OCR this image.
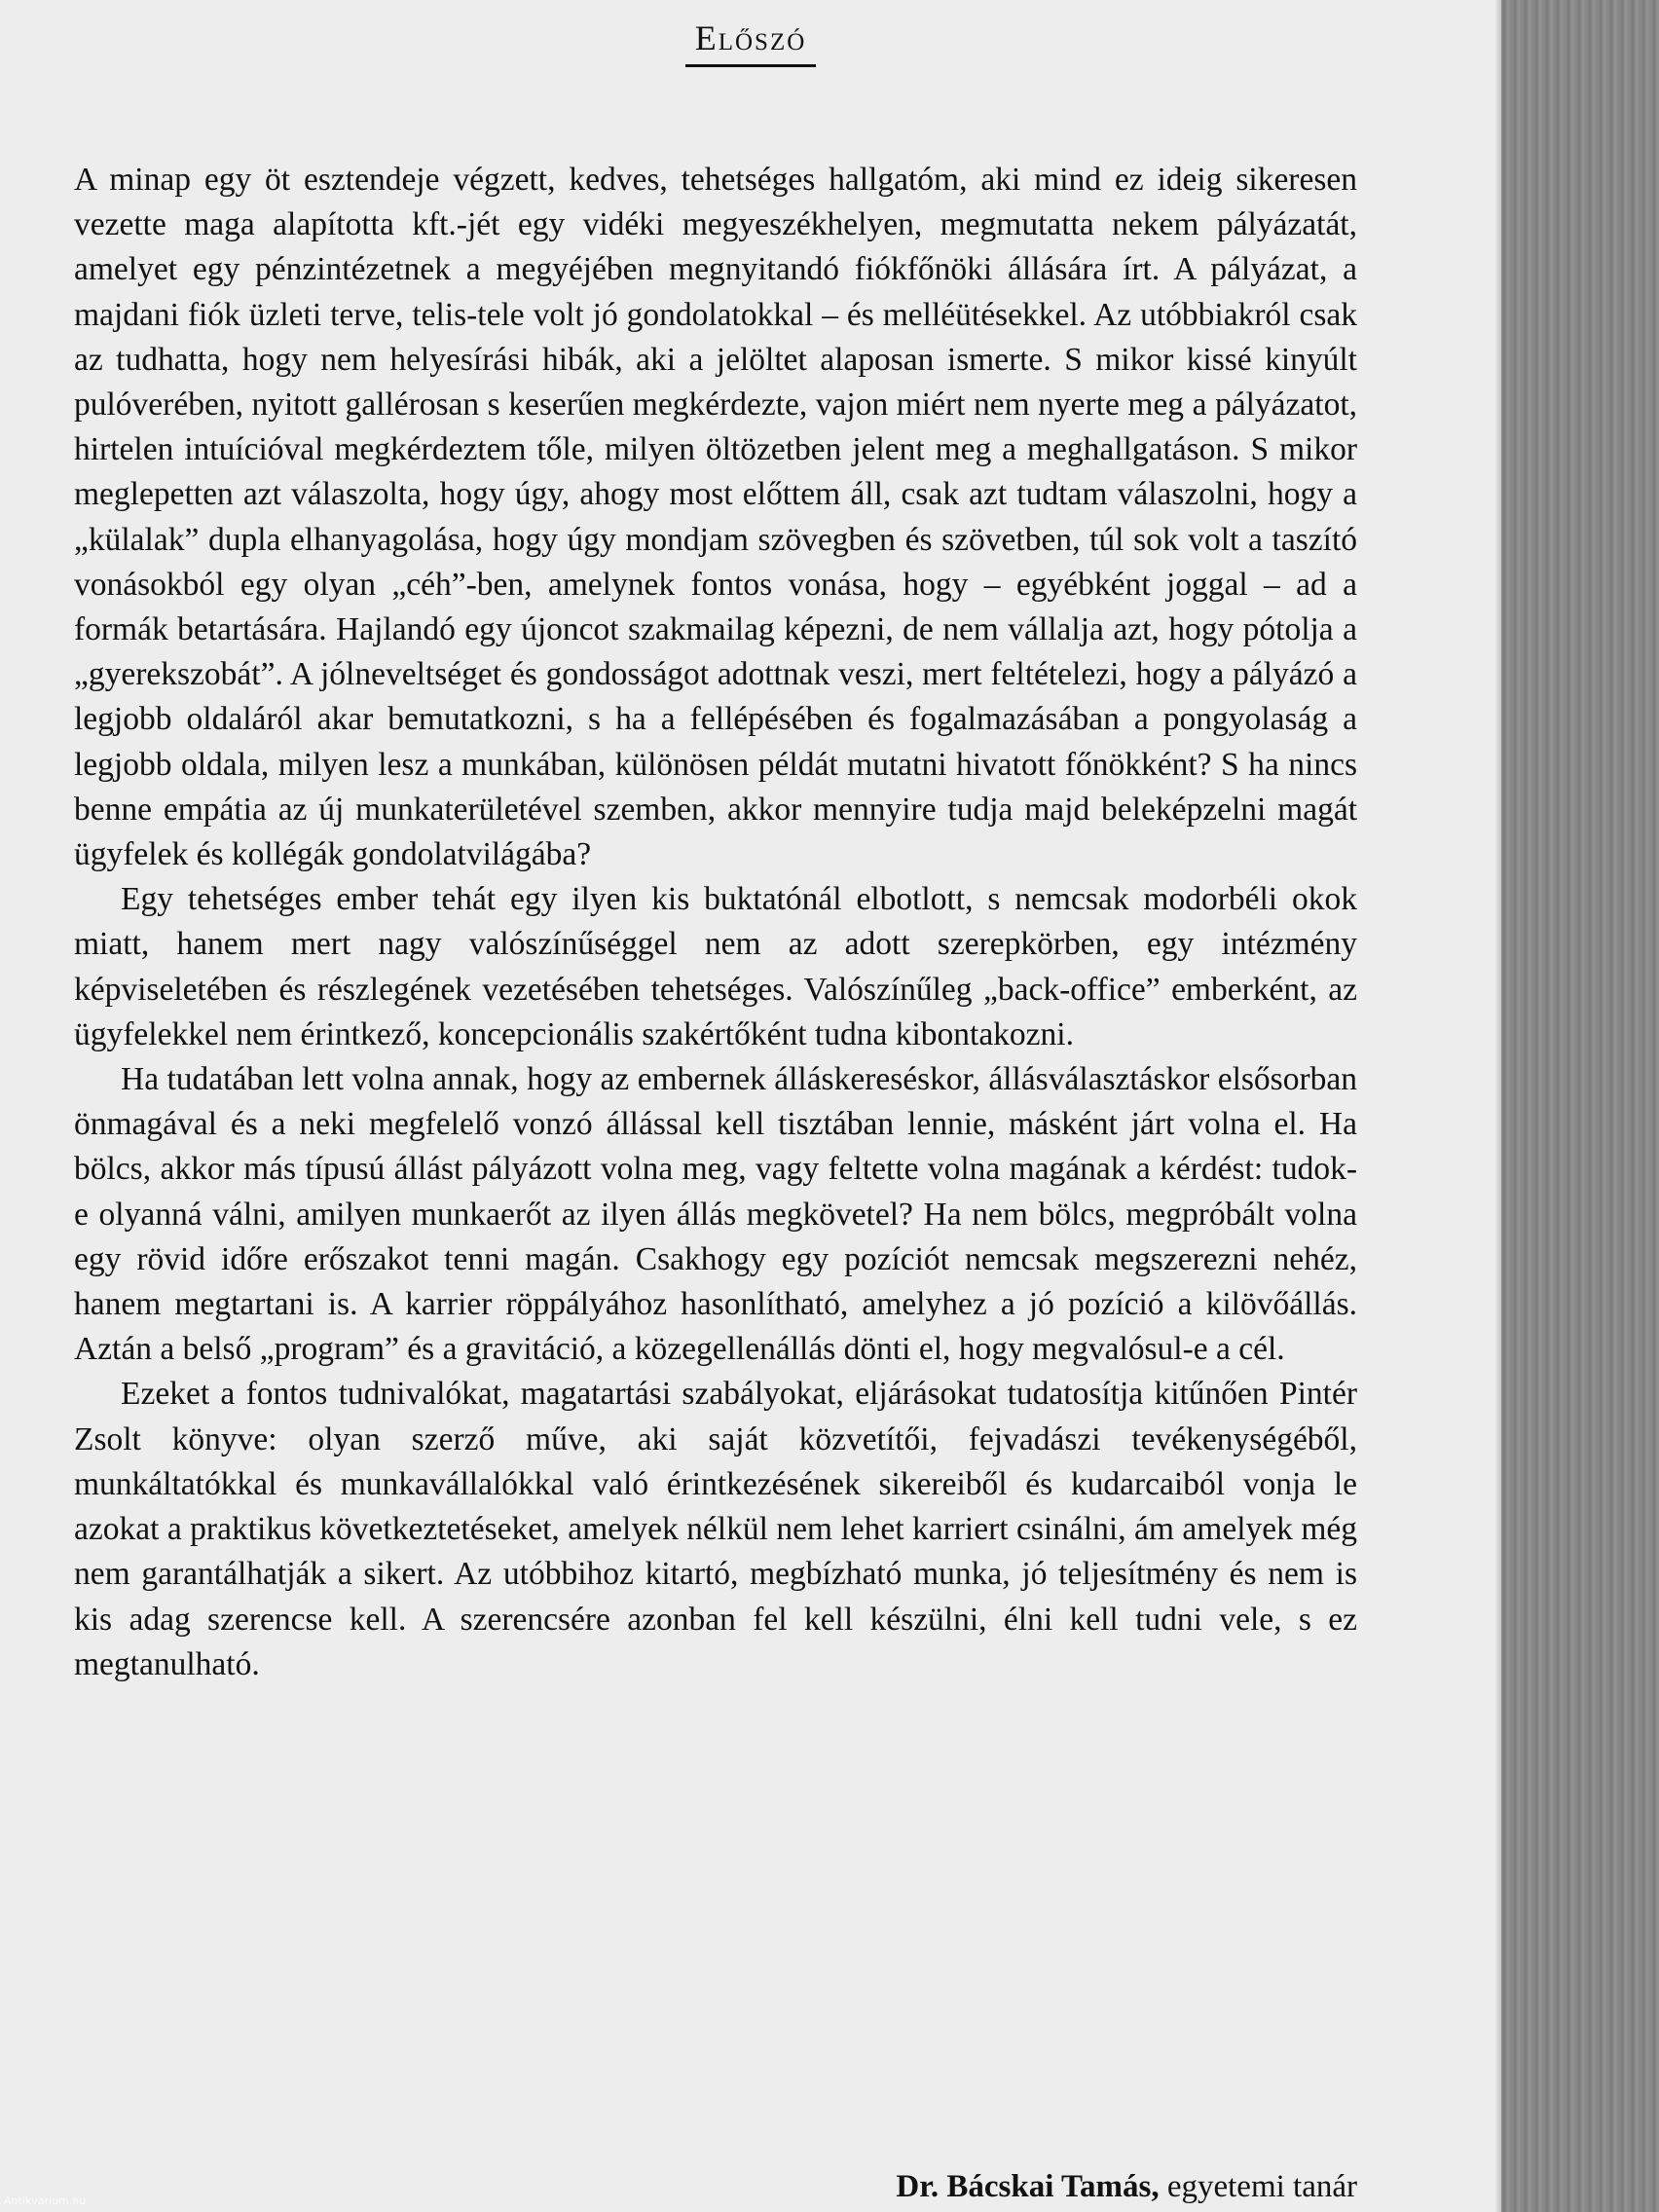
Előszó

A minap egy öt esztendeje végzett, kedves, tehetséges hallgatóm, aki mind ez ideig sikeresen vezette maga alapította kft.-jét egy vidéki megyeszékhelyen, megmutatta nekem pályázatát, amelyet egy pénzintézetnek a megyéjében megnyitandó fiókfőnöki állására írt. A pályázat, a majdani fiók üzleti terve, telis-tele volt jó gondolatokkal – és melléütésekkel. Az utóbbiakról csak az tudhatta, hogy nem helyesírási hibák, aki a jelöltet alaposan ismerte. S mikor kissé kinyúlt pulóverében, nyitott gallérosan s keserűen megkérdezte, vajon miért nem nyerte meg a pályázatot, hirtelen intuícióval megkérdeztem tőle, milyen öltözetben jelent meg a meghallgatáson. S mikor meglepetten azt válaszolta, hogy úgy, ahogy most előttem áll, csak azt tudtam válaszolni, hogy a „külalak” dupla elhanyagolása, hogy úgy mondjam szövegben és szövetben, túl sok volt a taszító vonásokból egy olyan „céh”-ben, amelynek fontos vonása, hogy – egyébként joggal – ad a formák betartására. Hajlandó egy újoncot szakmailag képezni, de nem vállalja azt, hogy pótolja a „gyerekszobát”. A jólneveltséget és gondosságot adottnak veszi, mert feltételezi, hogy a pályázó a legjobb oldaláról akar bemutatkozni, s ha a fellépésében és fogalmazásában a pongyolaság a legjobb oldala, milyen lesz a munkában, különösen példát mutatni hivatott főnökként? S ha nincs benne empátia az új munkaterületével szemben, akkor mennyire tudja majd beleképzelni magát ügyfelek és kollégák gondolatvilágába?

Egy tehetséges ember tehát egy ilyen kis buktatónál elbotlott, s nemcsak modorbéli okok miatt, hanem mert nagy valószínűséggel nem az adott szerepkörben, egy intézmény képviseletében és részlegének vezetésében tehetséges. Valószínűleg „back-office” emberként, az ügyfelekkel nem érintkező, koncepcionális szakértőként tudna kibontakozni.

Ha tudatában lett volna annak, hogy az embernek álláskereséskor, állásválasztáskor elsősorban önmagával és a neki megfelelő vonzó állással kell tisztában lennie, másként járt volna el. Ha bölcs, akkor más típusú állást pályázott volna meg, vagy feltette volna magának a kérdést: tudok-e olyanná válni, amilyen munkaerőt az ilyen állás megkövetel? Ha nem bölcs, megpróbált volna egy rövid időre erőszakot tenni magán. Csakhogy egy pozíciót nemcsak megszerezni nehéz, hanem megtartani is. A karrier röppályához hasonlítható, amelyhez a jó pozíció a kilövőállás. Aztán a belső „program” és a gravitáció, a közegellenállás dönti el, hogy megvalósul-e a cél.

Ezeket a fontos tudnivalókat, magatartási szabályokat, eljárásokat tudatosítja kitűnően Pintér Zsolt könyve: olyan szerző műve, aki saját közvetítői, fejvadászi tevékenységéből, munkáltatókkal és munkavállalókkal való érintkezésének sikereiből és kudarcaiból vonja le azokat a praktikus következtetéseket, amelyek nélkül nem lehet karriert csinálni, ám amelyek még nem garantálhatják a sikert. Az utóbbihoz kitartó, megbízható munka, jó teljesítmény és nem is kis adag szerencse kell. A szerencsére azonban fel kell készülni, élni kell tudni vele, s ez megtanulható.

Dr. Bácskai Tamás, egyetemi tanár
Antikvarium.hu
